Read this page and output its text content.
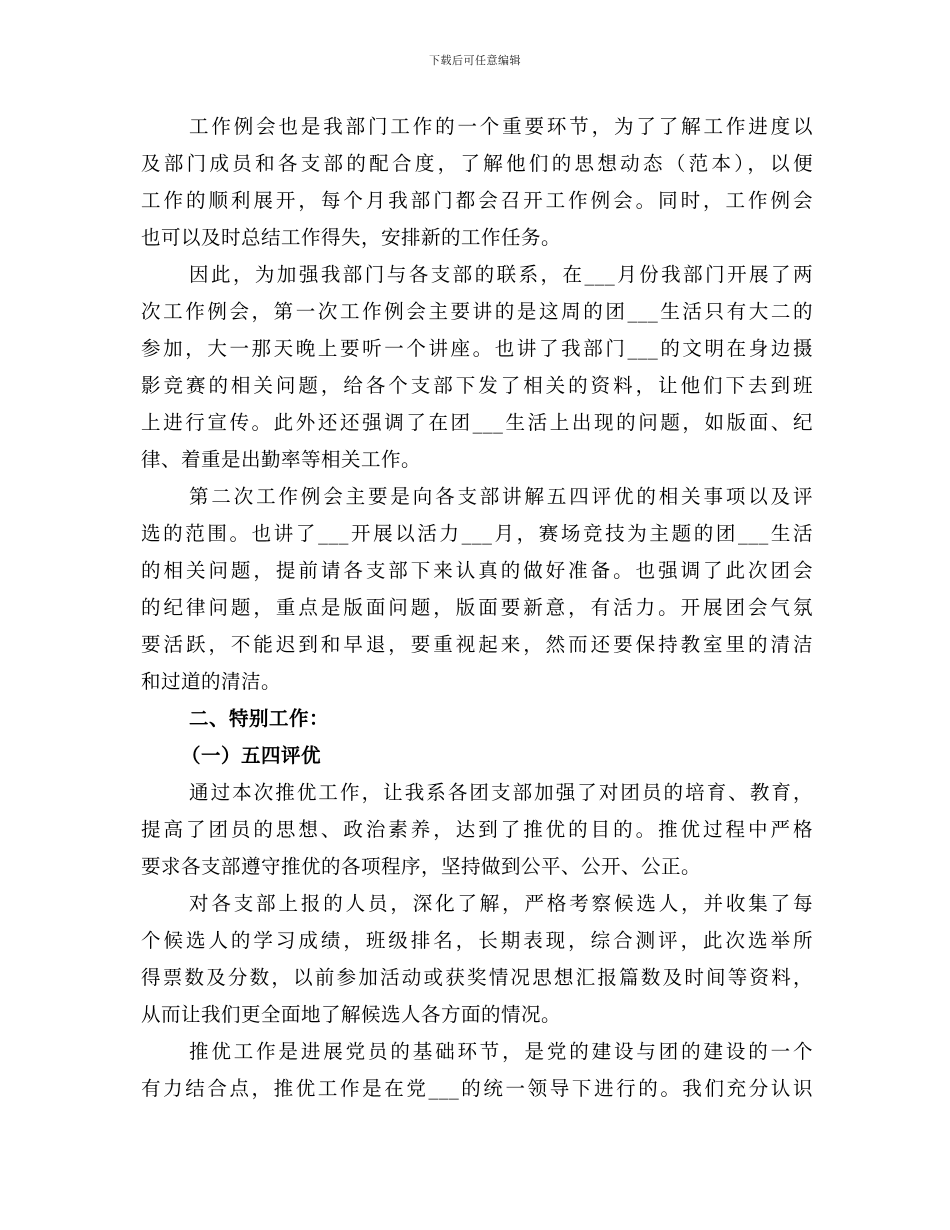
下载后可任意编辑
工作例会也是我部门工作的一个重要环节，为了了解工作进度以
及部门成员和各支部的配合度，了解他们的思想动态（范本），以便
工作的顺利展开，每个月我部门都会召开工作例会。同时，工作例会
也可以及时总结工作得失，安排新的工作任务。
因此，为加强我部门与各支部的联系，在___月份我部门开展了两
次工作例会，第一次工作例会主要讲的是这周的团___生活只有大二的
参加，大一那天晚上要听一个讲座。也讲了我部门___的文明在身边摄
影竞赛的相关问题，给各个支部下发了相关的资料，让他们下去到班
上进行宣传。此外还还强调了在团___生活上出现的问题，如版面、纪
律、着重是出勤率等相关工作。
第二次工作例会主要是向各支部讲解五四评优的相关事项以及评
选的范围。也讲了___开展以活力___月，赛场竞技为主题的团___生活
的相关问题，提前请各支部下来认真的做好准备。也强调了此次团会
的纪律问题，重点是版面问题，版面要新意，有活力。开展团会气氛
要活跃，不能迟到和早退，要重视起来，然而还要保持教室里的清洁
和过道的清洁。
二、特别工作：
（一）五四评优
通过本次推优工作，让我系各团支部加强了对团员的培育、教育，
提高了团员的思想、政治素养，达到了推优的目的。推优过程中严格
要求各支部遵守推优的各项程序，坚持做到公平、公开、公正。
对各支部上报的人员，深化了解，严格考察候选人，并收集了每
个候选人的学习成绩，班级排名，长期表现，综合测评，此次选举所
得票数及分数，以前参加活动或获奖情况思想汇报篇数及时间等资料，
从而让我们更全面地了解候选人各方面的情况。
推优工作是进展党员的基础环节，是党的建设与团的建设的一个
有力结合点，推优工作是在党___的统一领导下进行的。我们充分认识
